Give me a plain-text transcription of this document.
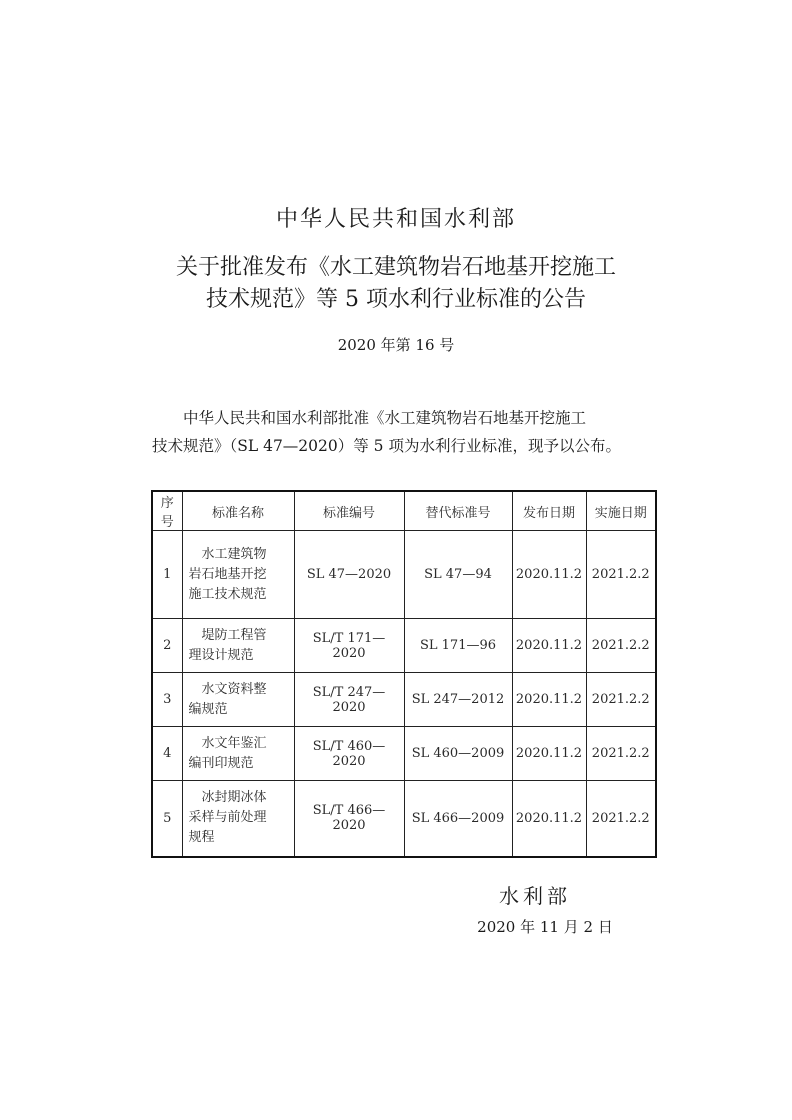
中华人民共和国水利部
关于批准发布《水工建筑物岩石地基开挖施工
技术规范》等 5 项水利行业标准的公告
2020 年第 16 号
中华人民共和国水利部批准《水工建筑物岩石地基开挖施工
技术规范》（SL 47—2020）等 5 项为水利行业标准，现予以公布。
序号	标准名称	标准编号	替代标准号	发布日期	实施日期
1	水工建筑物
岩石地基开挖
施工技术规范	SL 47—2020	SL 47—94	2020.11.2	2021.2.2
2	堤防工程管
理设计规范	SL/T 171—2020	SL 171—96	2020.11.2	2021.2.2
3	水文资料整
编规范	SL/T 247—2020	SL 247—2012	2020.11.2	2021.2.2
4	水文年鉴汇
编刊印规范	SL/T 460—2020	SL 460—2009	2020.11.2	2021.2.2
5	冰封期冰体
采样与前处理
规程	SL/T 466—2020	SL 466—2009	2020.11.2	2021.2.2
水利部
2020 年 11 月 2 日
